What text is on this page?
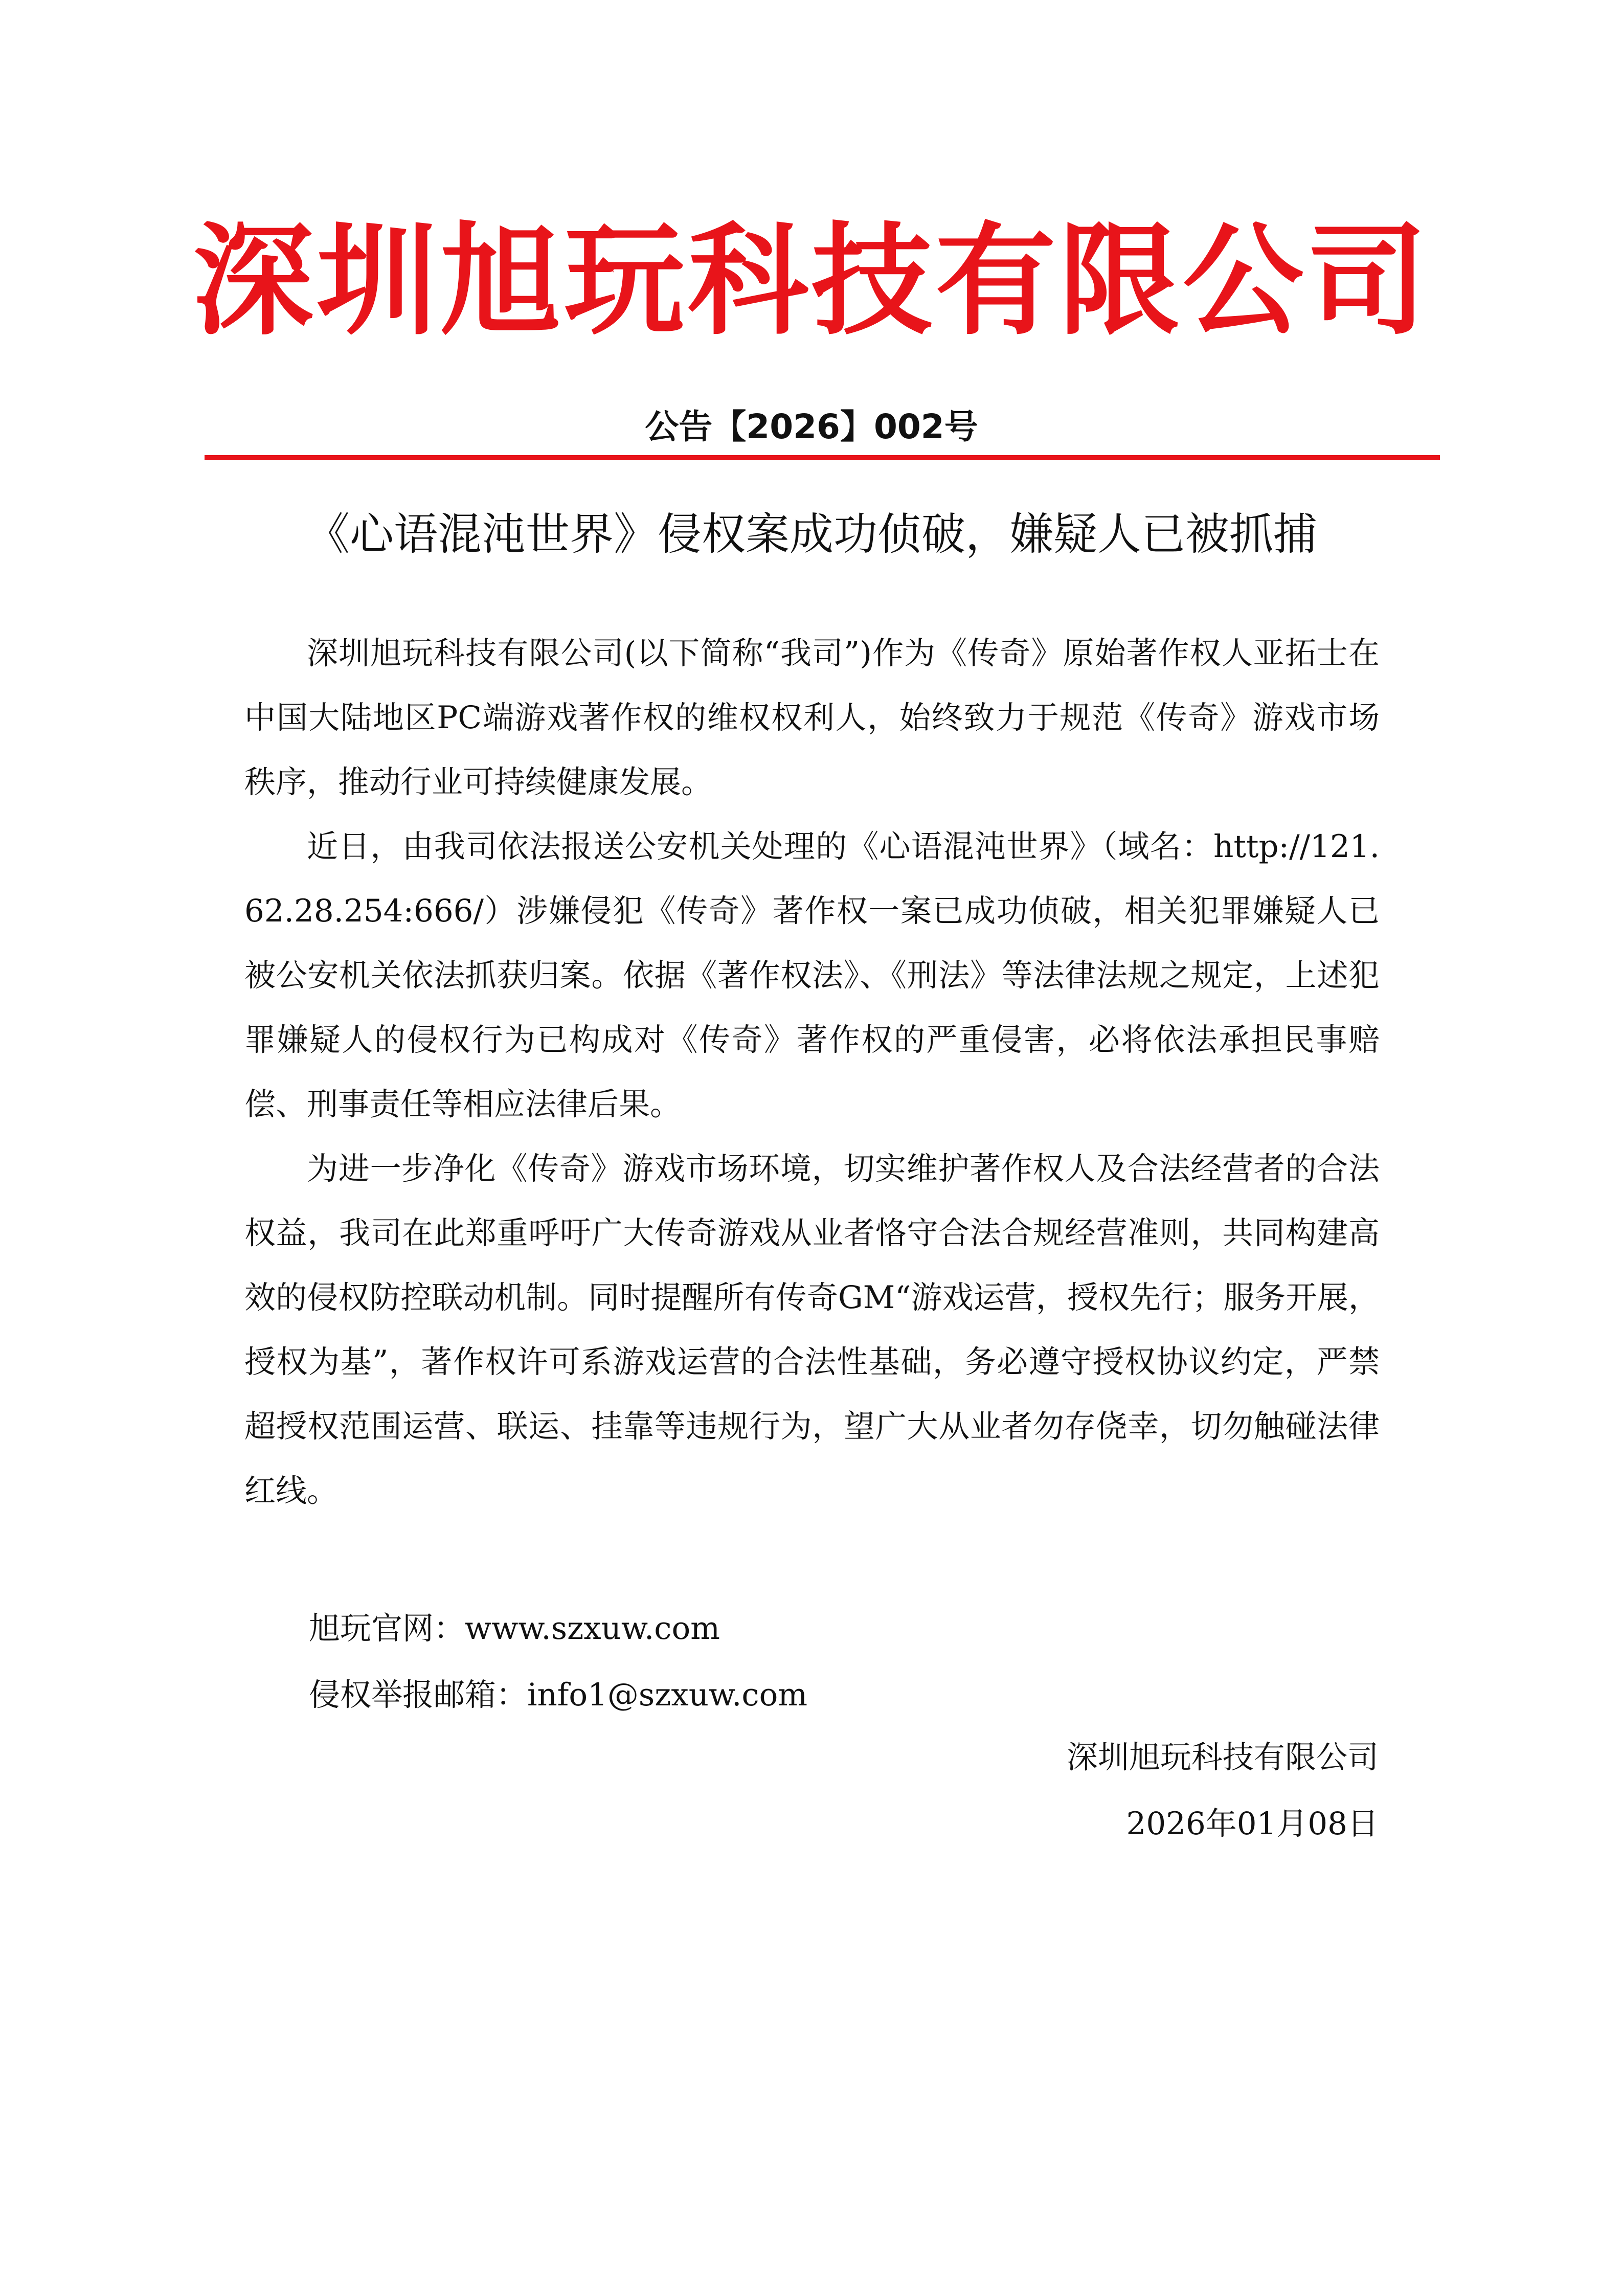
深圳旭玩科技有限公司
公告【2026】002号
《心语混沌世界》侵权案成功侦破，嫌疑人已被抓捕

深圳旭玩科技有限公司(以下简称“我司”)作为《传奇》原始著作权人亚拓士在中国大陆地区PC端游戏著作权的维权权利人，始终致力于规范《传奇》游戏市场秩序，推动行业可持续健康发展。

近日，由我司依法报送公安机关处理的《心语混沌世界》（域名：http://121.62.28.254:666/）涉嫌侵犯《传奇》著作权一案已成功侦破，相关犯罪嫌疑人已被公安机关依法抓获归案。依据《著作权法》、《刑法》等法律法规之规定，上述犯罪嫌疑人的侵权行为已构成对《传奇》著作权的严重侵害，必将依法承担民事赔偿、刑事责任等相应法律后果。

为进一步净化《传奇》游戏市场环境，切实维护著作权人及合法经营者的合法权益，我司在此郑重呼吁广大传奇游戏从业者恪守合法合规经营准则，共同构建高效的侵权防控联动机制。同时提醒所有传奇GM“游戏运营，授权先行；服务开展，授权为基”，著作权许可系游戏运营的合法性基础，务必遵守授权协议约定，严禁超授权范围运营、联运、挂靠等违规行为，望广大从业者勿存侥幸，切勿触碰法律红线。

旭玩官网：www.szxuw.com
侵权举报邮箱：info1@szxuw.com
深圳旭玩科技有限公司
2026年01月08日
